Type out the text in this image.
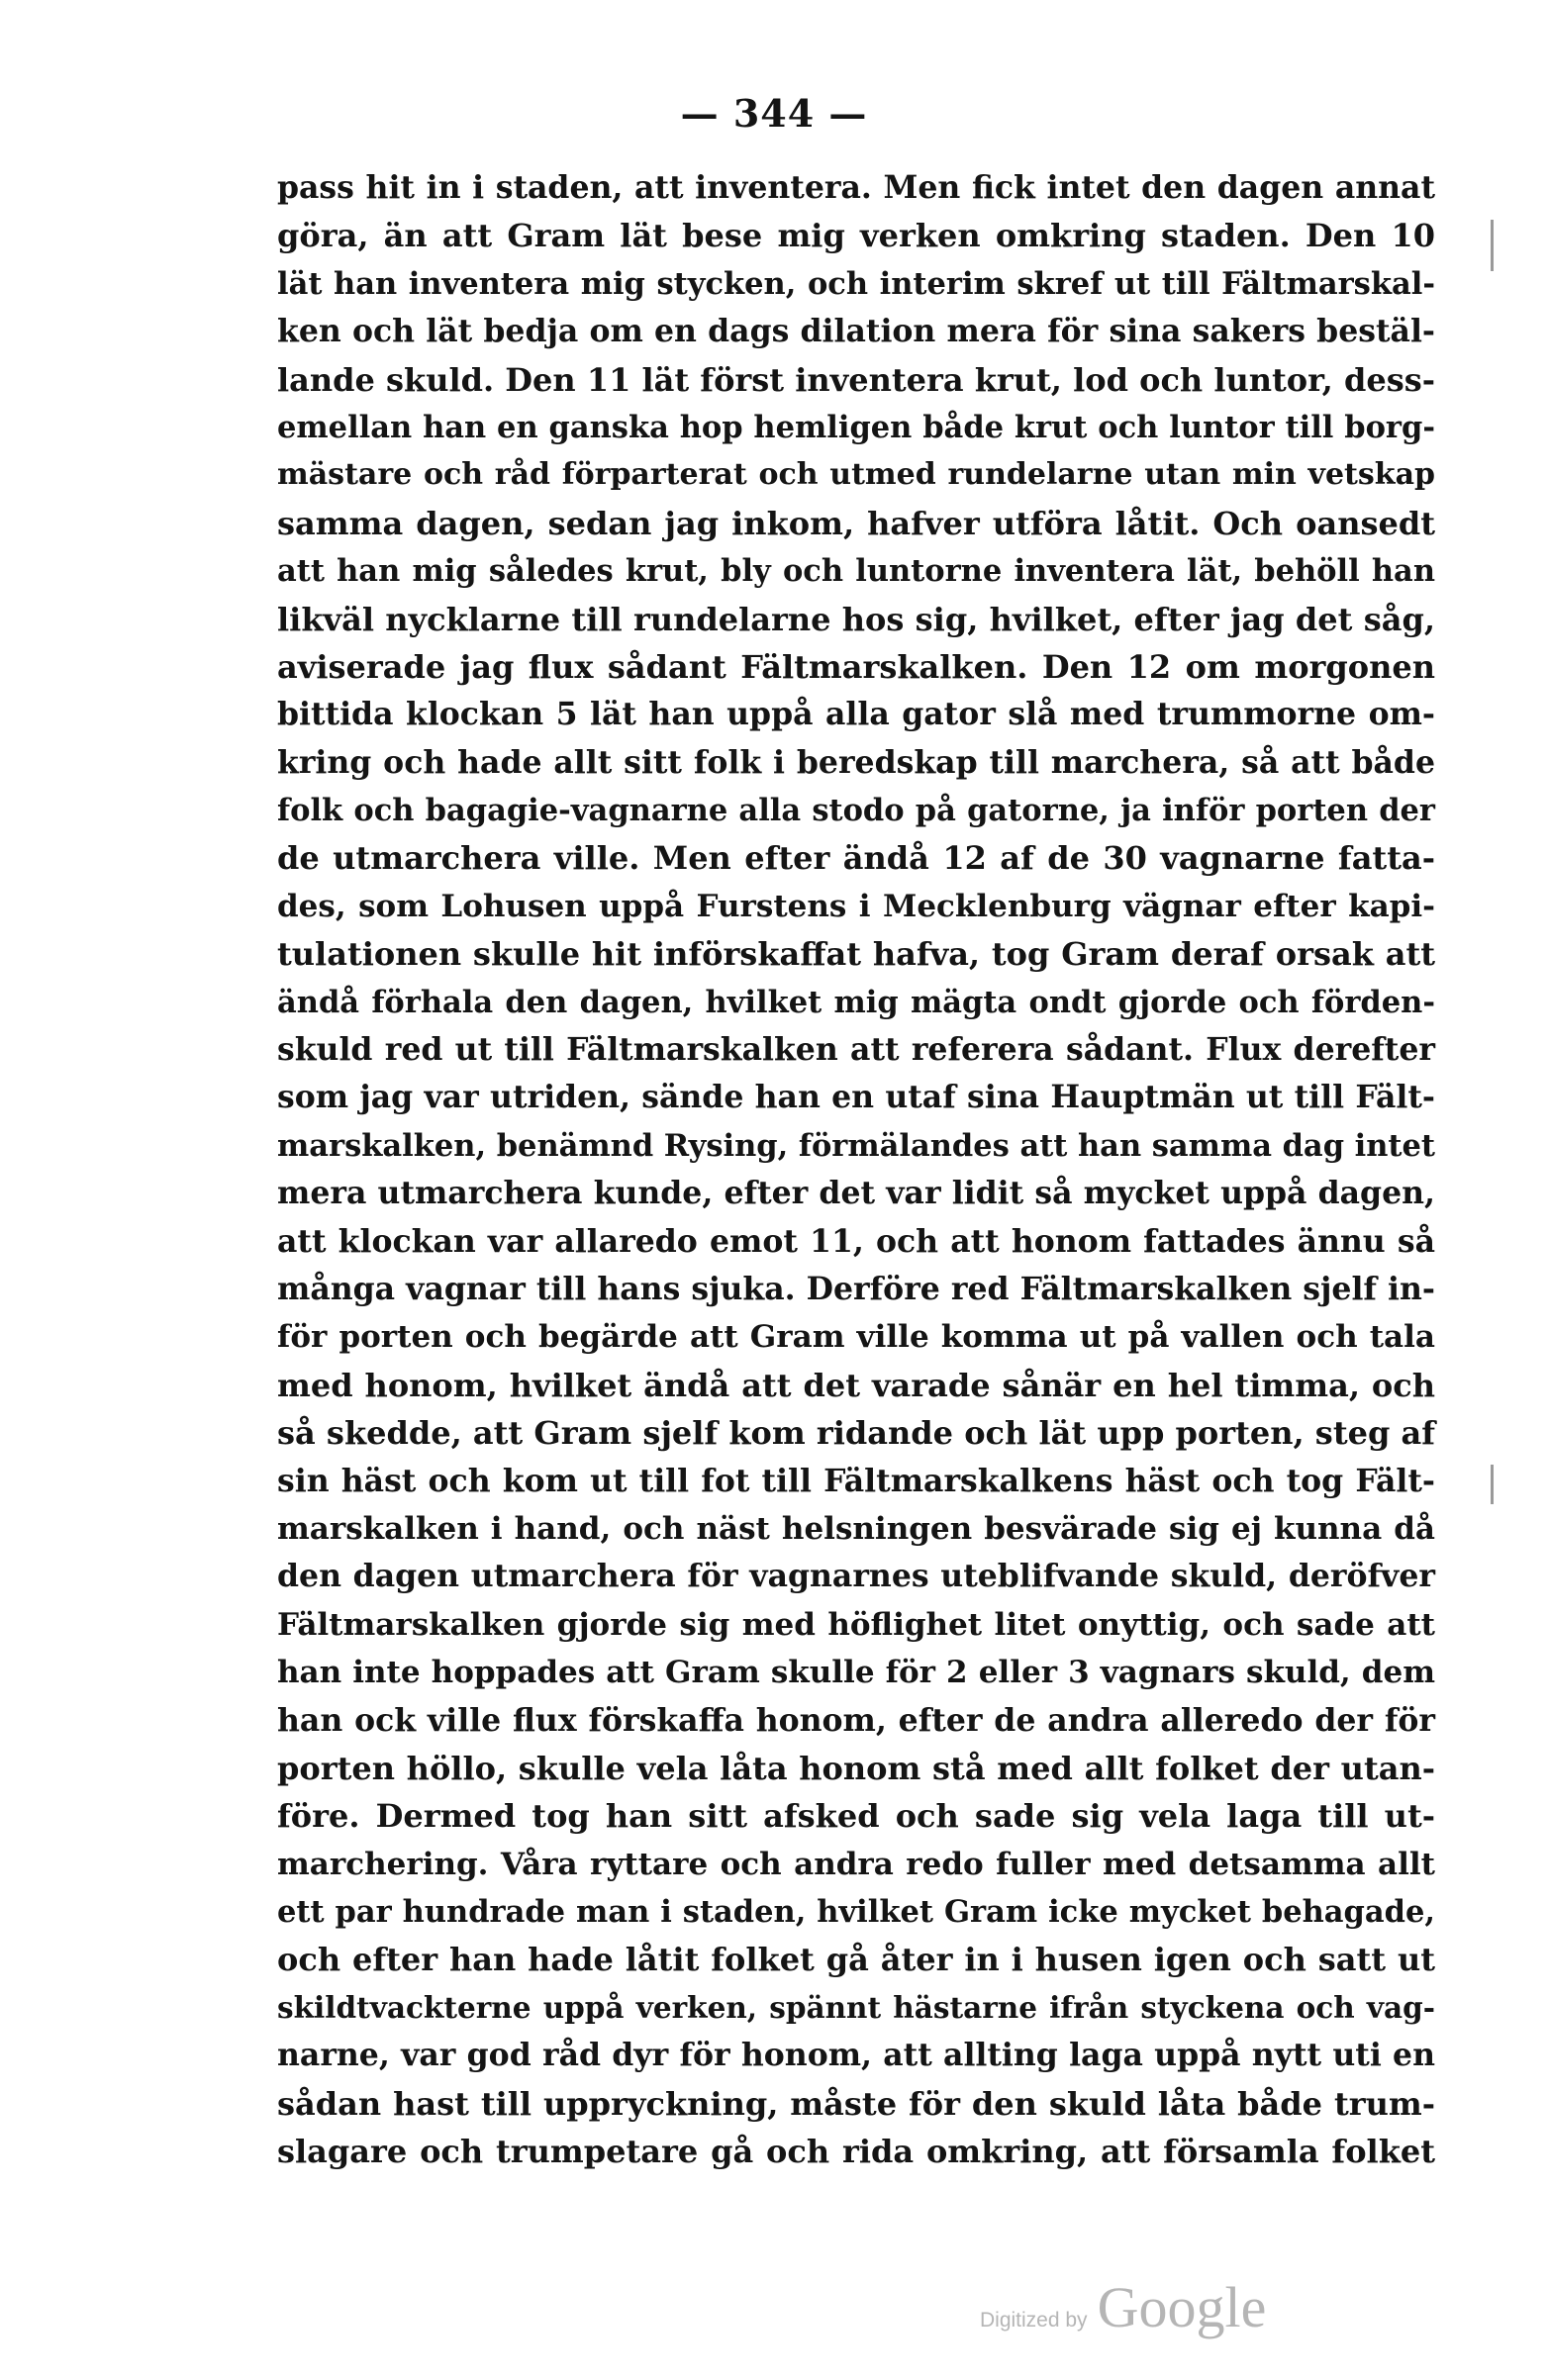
— 344 —
pass hit in i staden, att inventera. Men fick intet den dagen annat
göra, än att Gram lät bese mig verken omkring staden. Den 10
lät han inventera mig stycken, och interim skref ut till Fältmarskal-
ken och lät bedja om en dags dilation mera för sina sakers bestäl-
lande skuld. Den 11 lät först inventera krut, lod och luntor, dess-
emellan han en ganska hop hemligen både krut och luntor till borg-
mästare och råd förparterat och utmed rundelarne utan min vetskap
samma dagen, sedan jag inkom, hafver utföra låtit. Och oansedt
att han mig således krut, bly och luntorne inventera lät, behöll han
likväl nycklarne till rundelarne hos sig, hvilket, efter jag det såg,
aviserade jag flux sådant Fältmarskalken. Den 12 om morgonen
bittida klockan 5 lät han uppå alla gator slå med trummorne om-
kring och hade allt sitt folk i beredskap till marchera, så att både
folk och bagagie-vagnarne alla stodo på gatorne, ja inför porten der
de utmarchera ville. Men efter ändå 12 af de 30 vagnarne fatta-
des, som Lohusen uppå Furstens i Mecklenburg vägnar efter kapi-
tulationen skulle hit införskaffat hafva, tog Gram deraf orsak att
ändå förhala den dagen, hvilket mig mägta ondt gjorde och förden-
skuld red ut till Fältmarskalken att referera sådant. Flux derefter
som jag var utriden, sände han en utaf sina Hauptmän ut till Fält-
marskalken, benämnd Rysing, förmälandes att han samma dag intet
mera utmarchera kunde, efter det var lidit så mycket uppå dagen,
att klockan var allaredo emot 11, och att honom fattades ännu så
många vagnar till hans sjuka. Derföre red Fältmarskalken sjelf in-
för porten och begärde att Gram ville komma ut på vallen och tala
med honom, hvilket ändå att det varade sånär en hel timma, och
så skedde, att Gram sjelf kom ridande och lät upp porten, steg af
sin häst och kom ut till fot till Fältmarskalkens häst och tog Fält-
marskalken i hand, och näst helsningen besvärade sig ej kunna då
den dagen utmarchera för vagnarnes uteblifvande skuld, deröfver
Fältmarskalken gjorde sig med höflighet litet onyttig, och sade att
han inte hoppades att Gram skulle för 2 eller 3 vagnars skuld, dem
han ock ville flux förskaffa honom, efter de andra alleredo der för
porten höllo, skulle vela låta honom stå med allt folket der utan-
före. Dermed tog han sitt afsked och sade sig vela laga till ut-
marchering. Våra ryttare och andra redo fuller med detsamma allt
ett par hundrade man i staden, hvilket Gram icke mycket behagade,
och efter han hade låtit folket gå åter in i husen igen och satt ut
skildtvackterne uppå verken, spännt hästarne ifrån styckena och vag-
narne, var god råd dyr för honom, att allting laga uppå nytt uti en
sådan hast till uppryckning, måste för den skuld låta både trum-
slagare och trumpetare gå och rida omkring, att församla folket
Digitized by Google
